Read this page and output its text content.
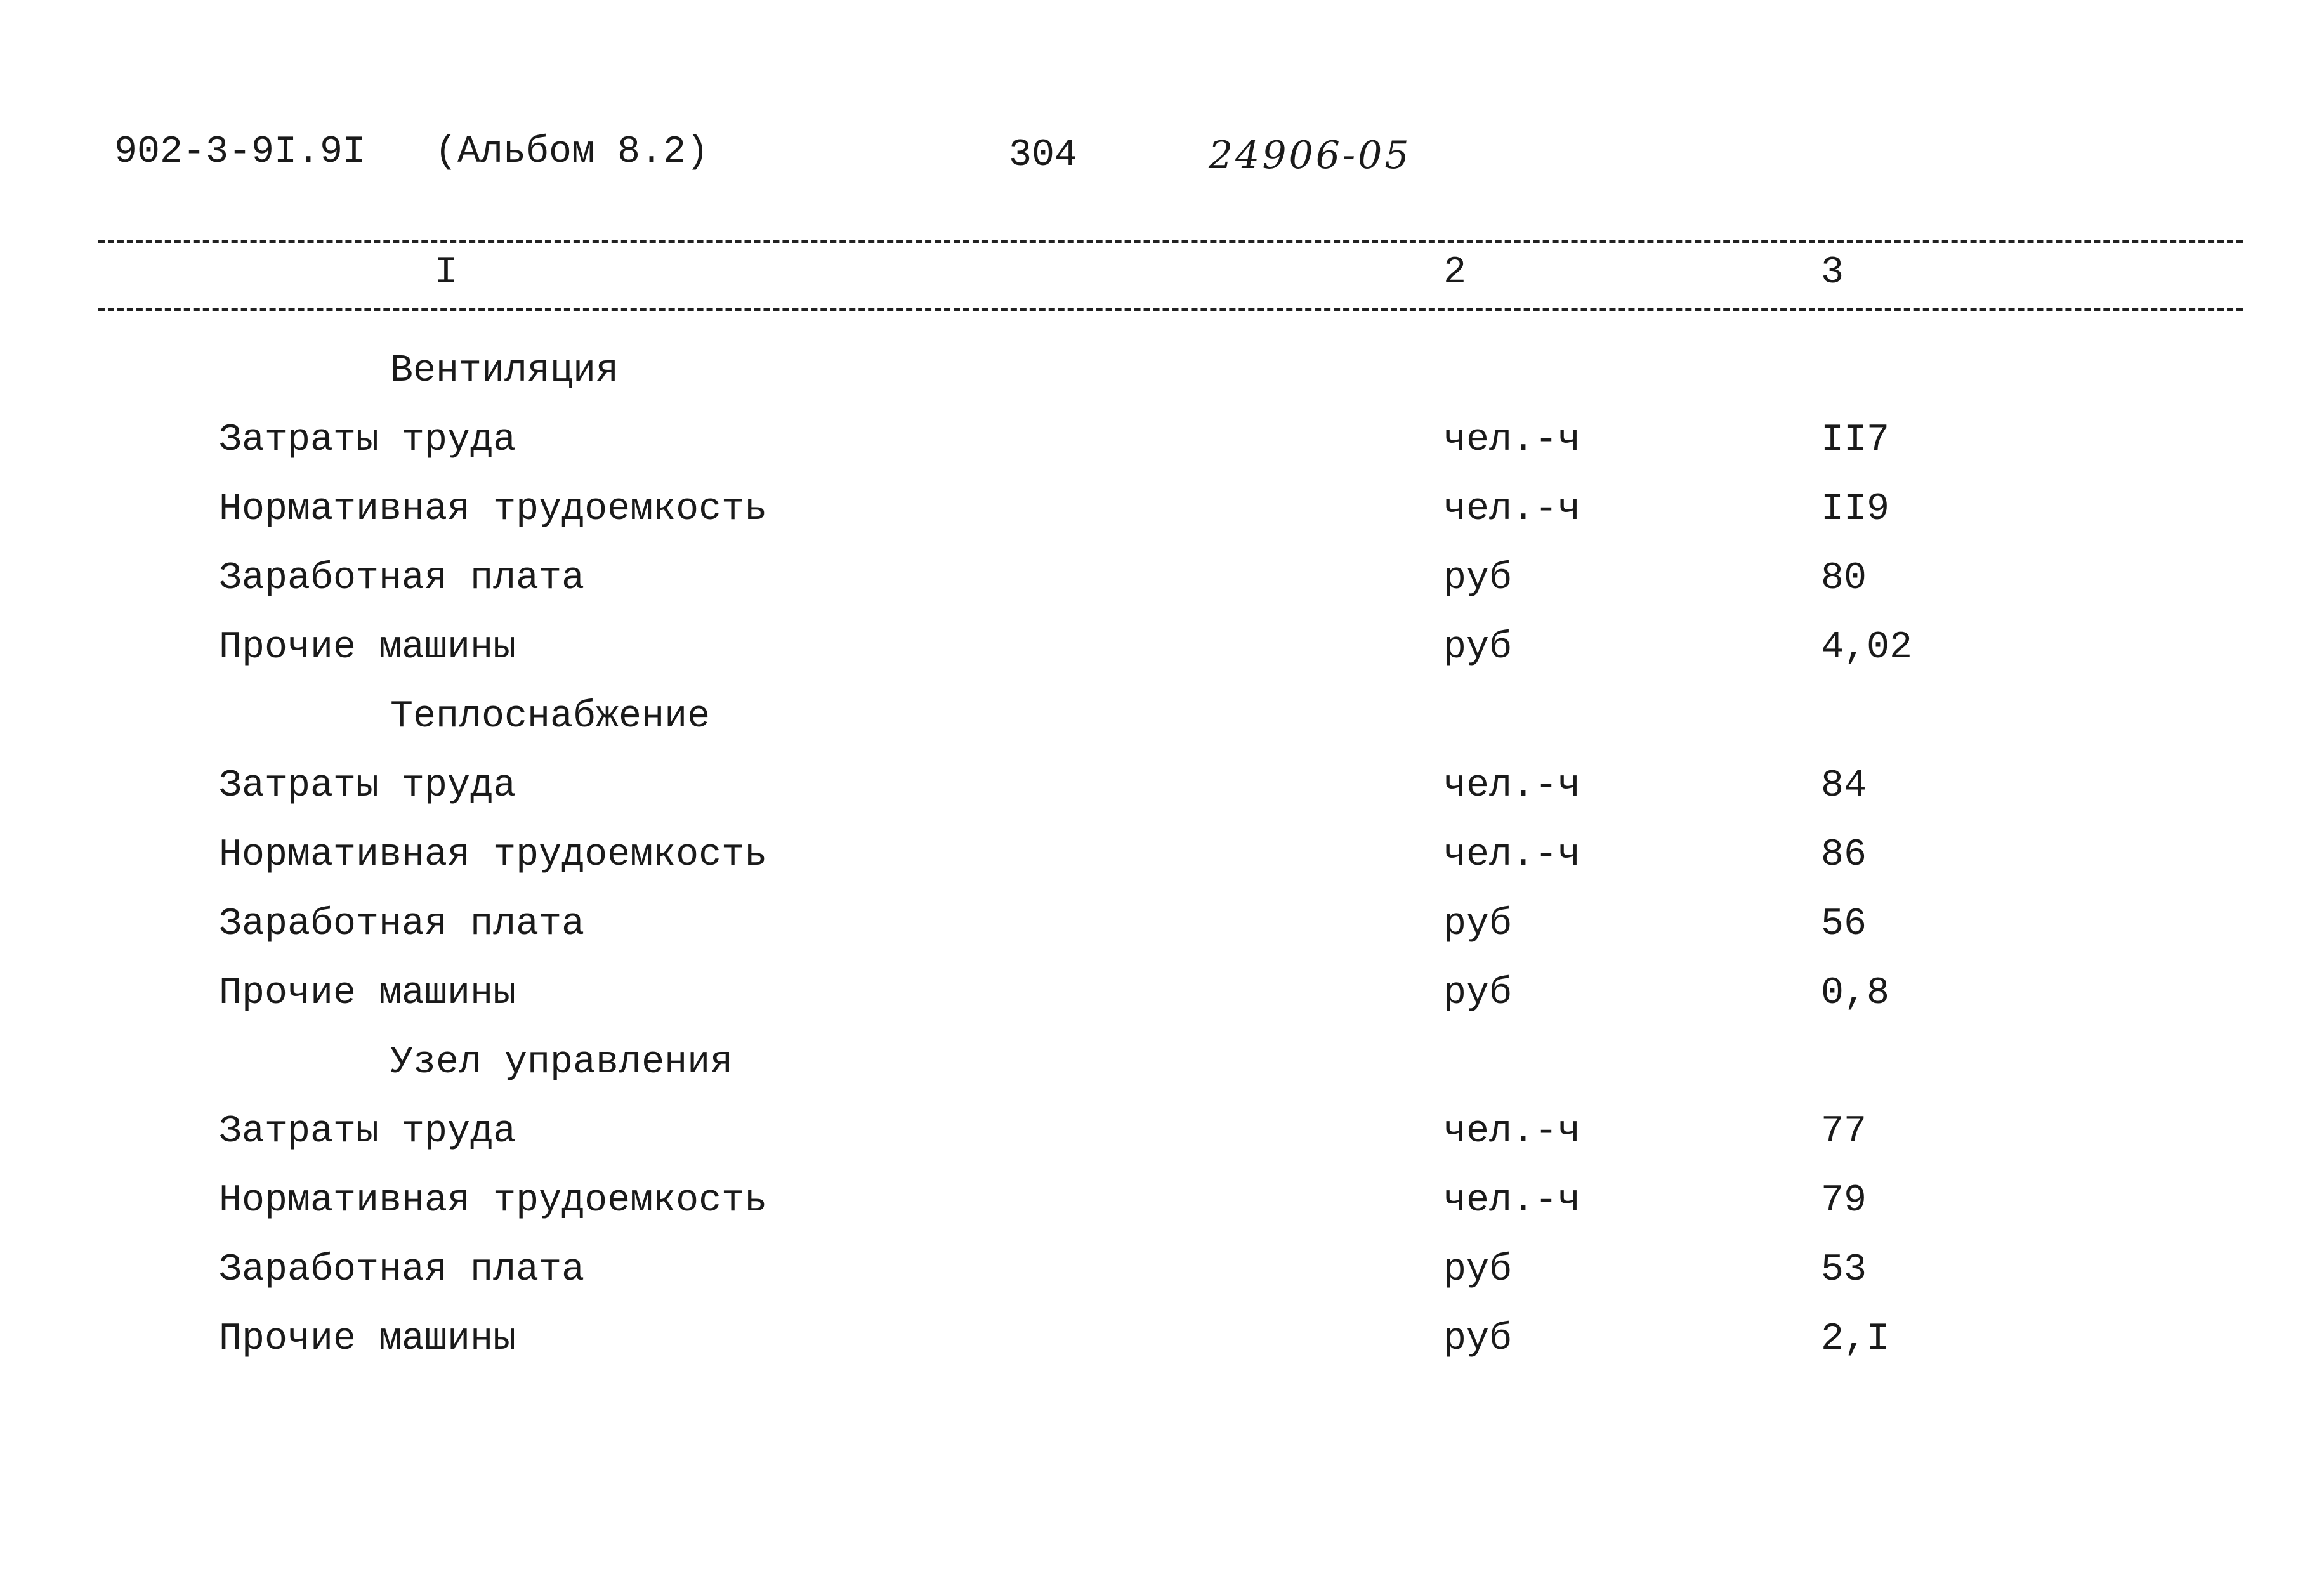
902-3-9I.9I (Альбом 8.2)	304	24906-05
I	2	3
Вентиляция
Затраты труда	чел.-ч	II7
Нормативная трудоемкость	чел.-ч	II9
Заработная плата	руб	80
Прочие машины	руб	4,02
Теплоснабжение
Затраты труда	чел.-ч	84
Нормативная трудоемкость	чел.-ч	86
Заработная плата	руб	56
Прочие машины	руб	0,8
Узел управления
Затраты труда	чел.-ч	77
Нормативная трудоемкость	чел.-ч	79
Заработная плата	руб	53
Прочие машины	руб	2,I
